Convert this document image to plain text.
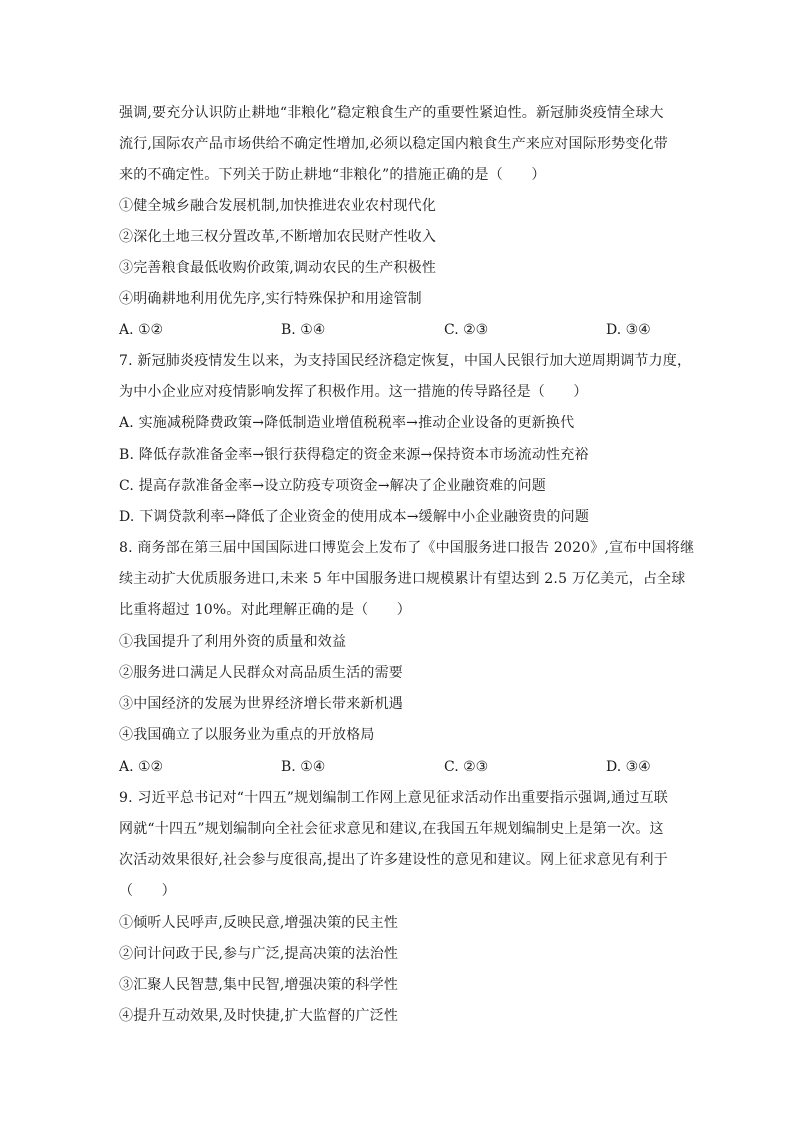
强调,要充分认识防止耕地“非粮化”稳定粮食生产的重要性紧迫性。新冠肺炎疫情全球大
流行,国际农产品市场供给不确定性增加,必须以稳定国内粮食生产来应对国际形势变化带
来的不确定性。下列关于防止耕地“非粮化”的措施正确的是（　　）
①健全城乡融合发展机制,加快推进农业农村现代化
②深化土地三权分置改革,不断增加农民财产性收入
③完善粮食最低收购价政策,调动农民的生产积极性
④明确耕地利用优先序,实行特殊保护和用途管制
A. ①②	B. ①④	C. ②③	D. ③④
7. 新冠肺炎疫情发生以来，为支持国民经济稳定恢复，中国人民银行加大逆周期调节力度，
为中小企业应对疫情影响发挥了积极作用。这一措施的传导路径是（　　）
A. 实施减税降费政策→降低制造业增值税税率→推动企业设备的更新换代
B. 降低存款准备金率→银行获得稳定的资金来源→保持资本市场流动性充裕
C. 提高存款准备金率→设立防疫专项资金→解决了企业融资难的问题
D. 下调贷款利率→降低了企业资金的使用成本→缓解中小企业融资贵的问题
8. 商务部在第三届中国国际进口博览会上发布了《中国服务进口报告 2020》,宣布中国将继
续主动扩大优质服务进口,未来 5 年中国服务进口规模累计有望达到 2.5 万亿美元，占全球
比重将超过 10%。对此理解正确的是（　　）
①我国提升了利用外资的质量和效益
②服务进口满足人民群众对高品质生活的需要
③中国经济的发展为世界经济增长带来新机遇
④我国确立了以服务业为重点的开放格局
A. ①②	B. ①④	C. ②③	D. ③④
9. 习近平总书记对“十四五”规划编制工作网上意见征求活动作出重要指示强调,通过互联
网就“十四五”规划编制向全社会征求意见和建议,在我国五年规划编制史上是第一次。这
次活动效果很好,社会参与度很高,提出了许多建设性的意见和建议。网上征求意见有利于
（　　）
①倾听人民呼声,反映民意,增强决策的民主性
②问计问政于民,参与广泛,提高决策的法治性
③汇聚人民智慧,集中民智,增强决策的科学性
④提升互动效果,及时快捷,扩大监督的广泛性
